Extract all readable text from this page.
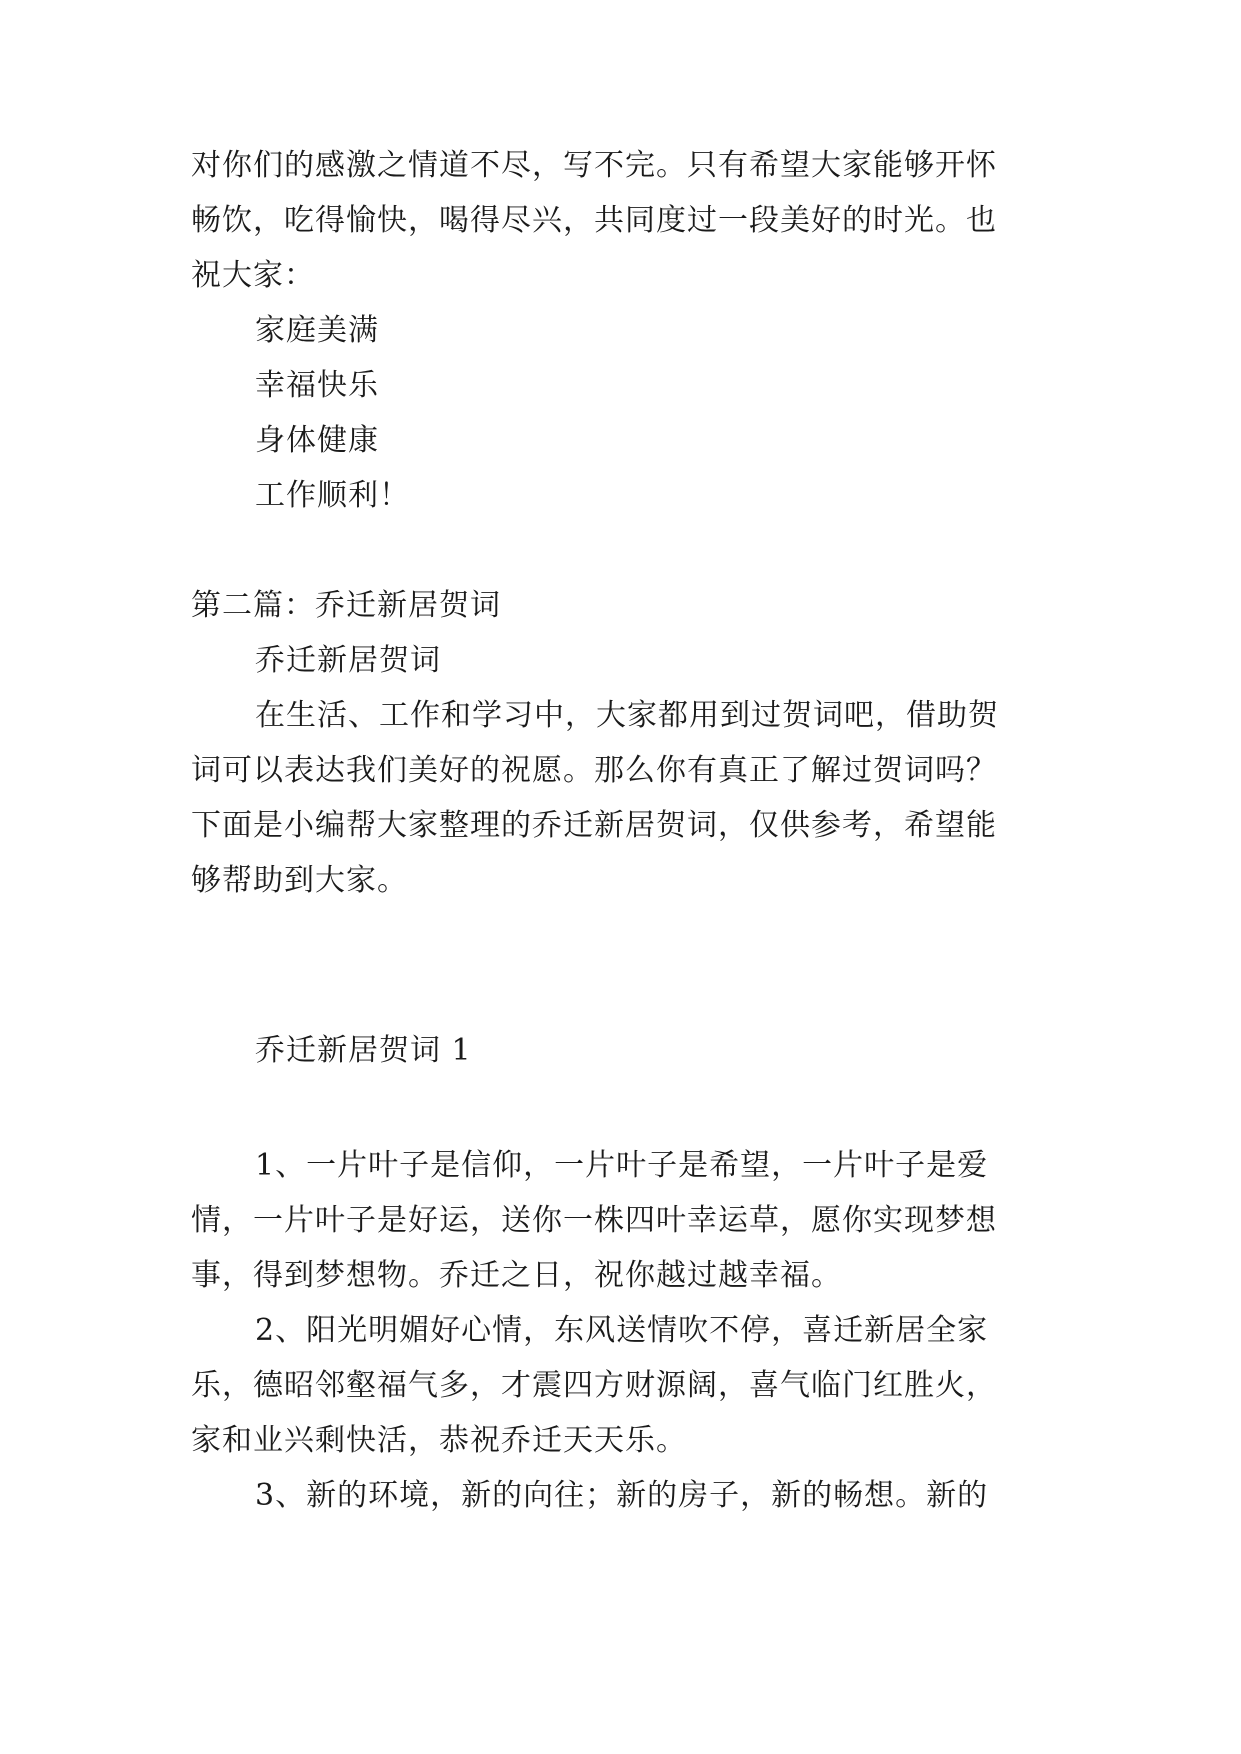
对你们的感激之情道不尽，写不完。只有希望大家能够开怀
畅饮，吃得愉快，喝得尽兴，共同度过一段美好的时光。也
祝大家：
家庭美满
幸福快乐
身体健康
工作顺利！
第二篇：乔迁新居贺词
乔迁新居贺词
在生活、工作和学习中，大家都用到过贺词吧，借助贺
词可以表达我们美好的祝愿。那么你有真正了解过贺词吗？
下面是小编帮大家整理的乔迁新居贺词，仅供参考，希望能
够帮助到大家。
乔迁新居贺词 1
1、一片叶子是信仰，一片叶子是希望，一片叶子是爱
情，一片叶子是好运，送你一株四叶幸运草，愿你实现梦想
事，得到梦想物。乔迁之日，祝你越过越幸福。
2、阳光明媚好心情，东风送情吹不停，喜迁新居全家
乐，德昭邻壑福气多，才震四方财源阔，喜气临门红胜火，
家和业兴剩快活，恭祝乔迁天天乐。
3、新的环境，新的向往；新的房子，新的畅想。新的
